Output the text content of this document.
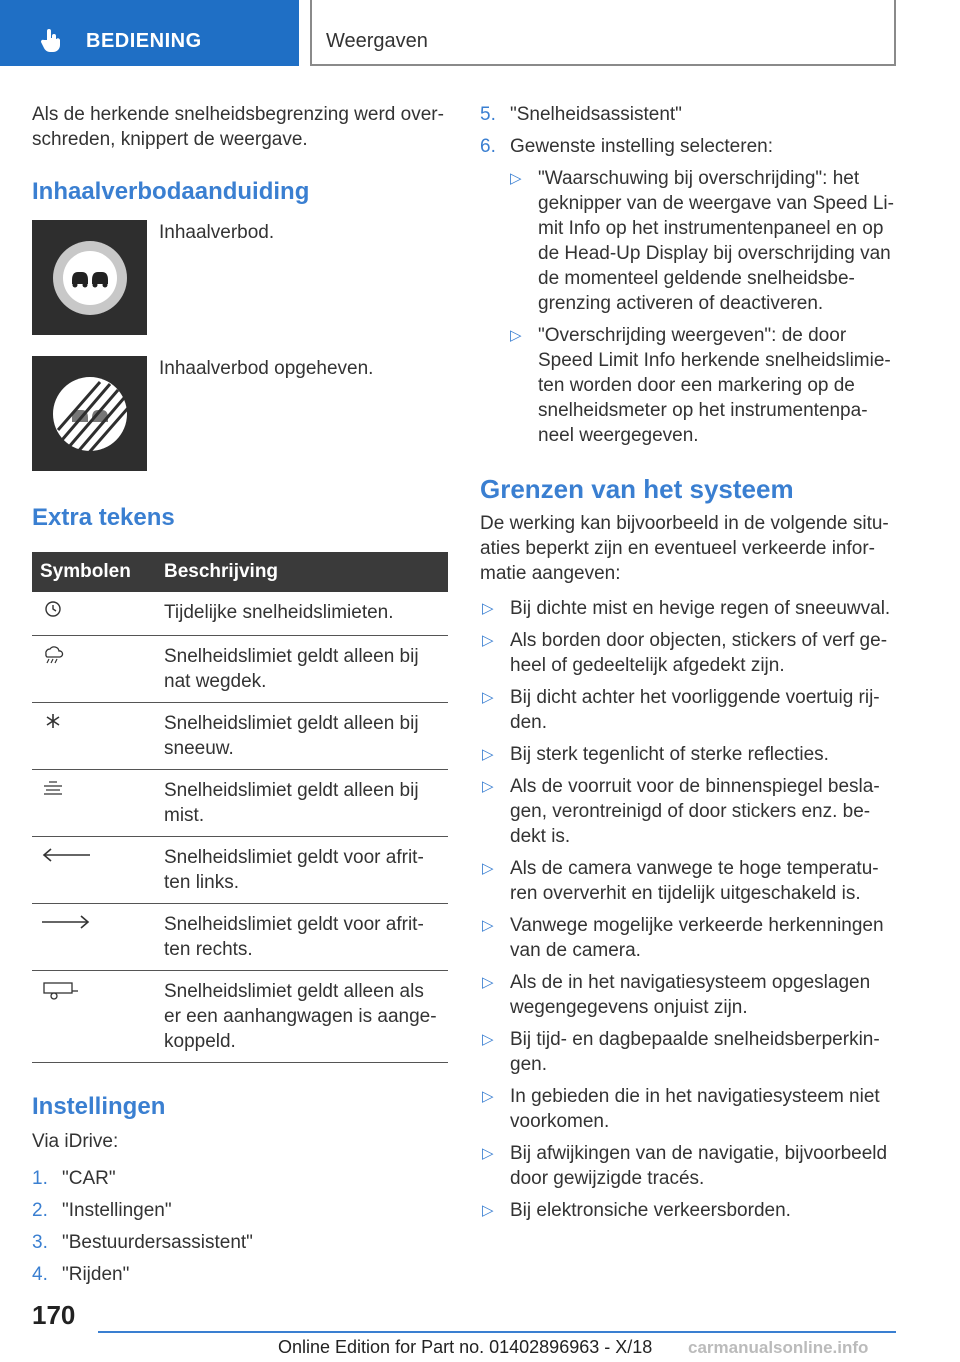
BEDIENING	Weergaven

Als de herkende snelheidsbegrenzing werd over-
schreden, knippert de weergave.

Inhaalverbodaanduiding
Inhaalverbod.
Inhaalverbod opgeheven.
Extra tekens
Symbolen	Beschrijving
	Tijdelijke snelheidslimieten.
	Snelheidslimiet geldt alleen bij
nat wegdek.
	Snelheidslimiet geldt alleen bij
sneeuw.
	Snelheidslimiet geldt alleen bij
mist.
	Snelheidslimiet geldt voor afrit-
ten links.
	Snelheidslimiet geldt voor afrit-
ten rechts.
	Snelheidslimiet geldt alleen als
er een aanhangwagen is aange-
koppeld.
Instellingen

Via iDrive:

1. "CAR"
2. "Instellingen"
3. "Bestuurdersassistent"
4. "Rijden"
5. "Snelheidsassistent"
6. Gewenste instelling selecteren:
▷ "Waarschuwing bij overschrijding": het
geknipper van de weergave van Speed Li-
mit Info op het instrumentenpaneel en op
de Head-Up Display bij overschrijding van
de momenteel geldende snelheidsbe-
grenzing activeren of deactiveren.
▷ "Overschrijding weergeven": de door
Speed Limit Info herkende snelheidslimie-
ten worden door een markering op de
snelheidsmeter op het instrumentenpa-
neel weergegeven.
Grenzen van het systeem

De werking kan bijvoorbeeld in de volgende situ-
aties beperkt zijn en eventueel verkeerde infor-
matie aangeven:

▷ Bij dichte mist en hevige regen of sneeuwval.
▷ Als borden door objecten, stickers of verf ge-
heel of gedeeltelijk afgedekt zijn.
▷ Bij dicht achter het voorliggende voertuig rij-
den.
▷ Bij sterk tegenlicht of sterke reflecties.
▷ Als de voorruit voor de binnenspiegel besla-
gen, verontreinigd of door stickers enz. be-
dekt is.
▷ Als de camera vanwege te hoge temperatu-
ren oververhit en tijdelijk uitgeschakeld is.
▷ Vanwege mogelijke verkeerde herkenningen
van de camera.
▷ Als de in het navigatiesysteem opgeslagen
wegengegevens onjuist zijn.
▷ Bij tijd- en dagbepaalde snelheidsberperkin-
gen.
▷ In gebieden die in het navigatiesysteem niet
voorkomen.
▷ Bij afwijkingen van de navigatie, bijvoorbeeld
door gewijzigde tracés.
▷ Bij elektronsiche verkeersborden.
170
Online Edition for Part no. 01402896963 - X/18 carmanualsonline.info
